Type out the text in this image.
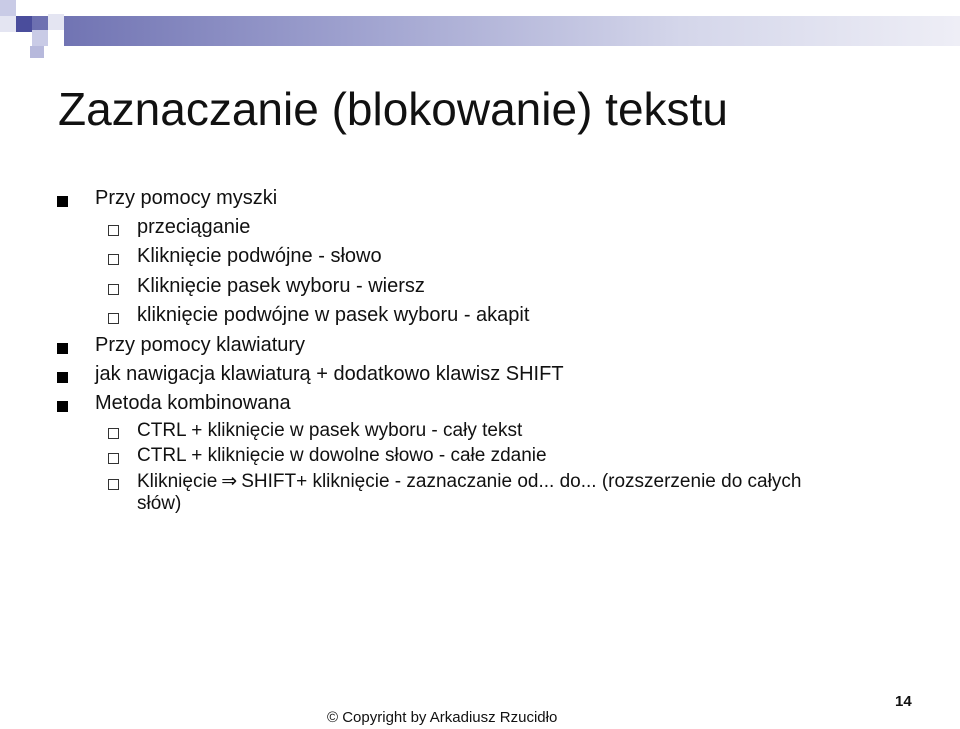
Zaznaczanie (blokowanie) tekstu
Przy pomocy myszki
przeciąganie
Kliknięcie podwójne - słowo
Kliknięcie pasek wyboru - wiersz
kliknięcie podwójne w pasek wyboru - akapit
Przy pomocy klawiatury
jak nawigacja klawiaturą + dodatkowo klawisz SHIFT
Metoda kombinowana
CTRL + kliknięcie w pasek wyboru - cały tekst
CTRL + kliknięcie w dowolne słowo - całe zdanie
Kliknięcie ⇒ SHIFT+ kliknięcie - zaznaczanie od... do... (rozszerzenie do całych
słów)
© Copyright by Arkadiusz Rzucidło
14
